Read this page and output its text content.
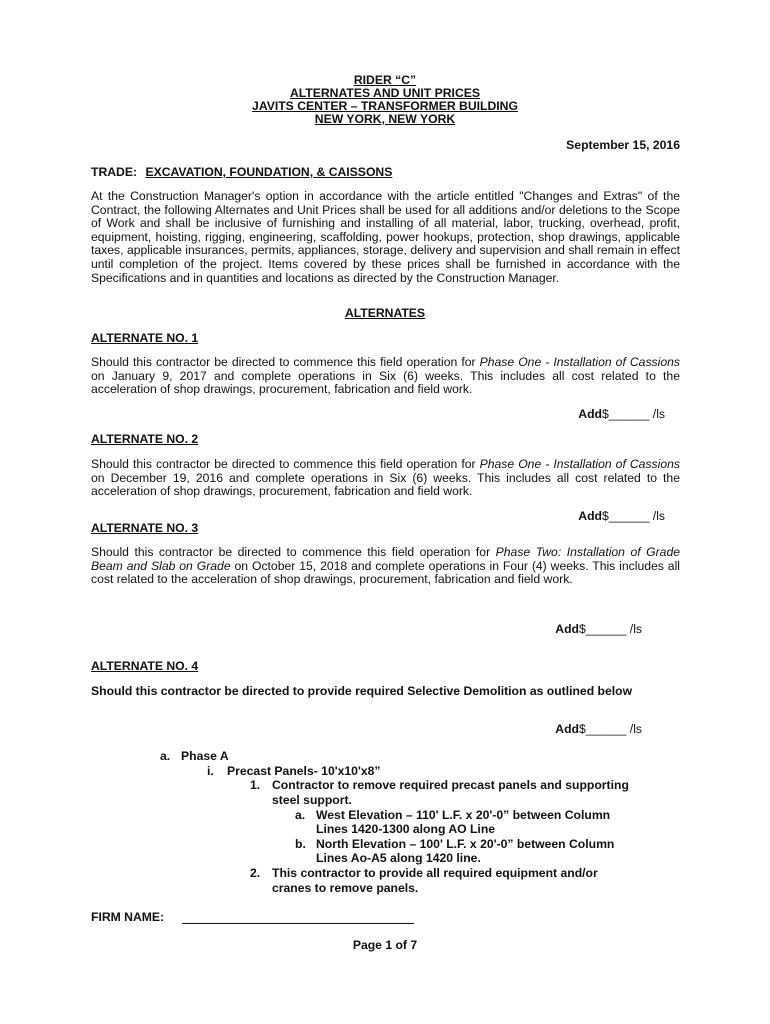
RIDER “C”
ALTERNATES AND UNIT PRICES
JAVITS CENTER – TRANSFORMER BUILDING
NEW YORK, NEW YORK
September 15, 2016
TRADE: EXCAVATION, FOUNDATION, & CAISSONS
At the Construction Manager's option in accordance with the article entitled "Changes and Extras" of the Contract, the following Alternates and Unit Prices shall be used for all additions and/or deletions to the Scope of Work and shall be inclusive of furnishing and installing of all material, labor, trucking, overhead, profit, equipment, hoisting, rigging, engineering, scaffolding, power hookups, protection, shop drawings, applicable taxes, applicable insurances, permits, appliances, storage, delivery and supervision and shall remain in effect until completion of the project. Items covered by these prices shall be furnished in accordance with the Specifications and in quantities and locations as directed by the Construction Manager.
ALTERNATES
ALTERNATE NO. 1
Should this contractor be directed to commence this field operation for Phase One - Installation of Cassions on January 9, 2017 and complete operations in Six (6) weeks. This includes all cost related to the acceleration of shop drawings, procurement, fabrication and field work.
Add$______ /ls
ALTERNATE NO. 2
Should this contractor be directed to commence this field operation for Phase One - Installation of Cassions on December 19, 2016 and complete operations in Six (6) weeks. This includes all cost related to the acceleration of shop drawings, procurement, fabrication and field work.
Add$______ /ls
ALTERNATE NO. 3
Should this contractor be directed to commence this field operation for Phase Two: Installation of Grade Beam and Slab on Grade on October 15, 2018 and complete operations in Four (4) weeks. This includes all cost related to the acceleration of shop drawings, procurement, fabrication and field work.
Add$______ /ls
ALTERNATE NO. 4
Should this contractor be directed to provide required Selective Demolition as outlined below
Add$______ /ls
a. Phase A
i. Precast Panels- 10'x10'x8”
1. Contractor to remove required precast panels and supporting
steel support.
a. West Elevation – 110' L.F. x 20'-0” between Column
Lines 1420-1300 along AO Line
b. North Elevation – 100' L.F. x 20'-0” between Column
Lines Ao-A5 along 1420 line.
2. This contractor to provide all required equipment and/or
cranes to remove panels.
FIRM NAME:
Page 1 of 7
